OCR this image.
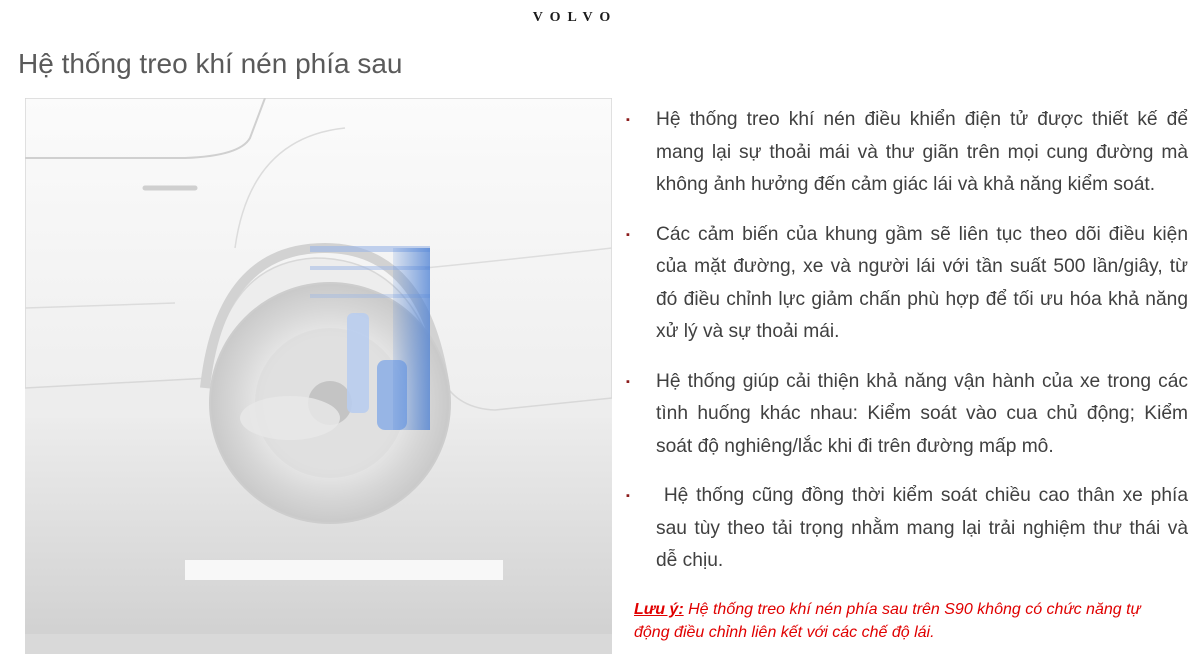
VOLVO
Hệ thống treo khí nén phía sau
▪ Hệ thống treo khí nén điều khiển điện tử được thiết kế để mang lại sự thoải mái và thư giãn trên mọi cung đường mà không ảnh hưởng đến cảm giác lái và khả năng kiểm soát.
▪ Các cảm biến của khung gầm sẽ liên tục theo dõi điều kiện của mặt đường, xe và người lái với tần suất 500 lần/giây, từ đó điều chỉnh lực giảm chấn phù hợp để tối ưu hóa khả năng xử lý và sự thoải mái.
▪ Hệ thống giúp cải thiện khả năng vận hành của xe trong các tình huống khác nhau: Kiểm soát vào cua chủ động; Kiểm soát độ nghiêng/lắc khi đi trên đường mấp mô.
▪ Hệ thống cũng đồng thời kiểm soát chiều cao thân xe phía sau tùy theo tải trọng nhằm mang lại trải nghiệm thư thái và dễ chịu.
Lưu ý: Hệ thống treo khí nén phía sau trên S90 không có chức năng tự động điều chỉnh liên kết với các chế độ lái.
